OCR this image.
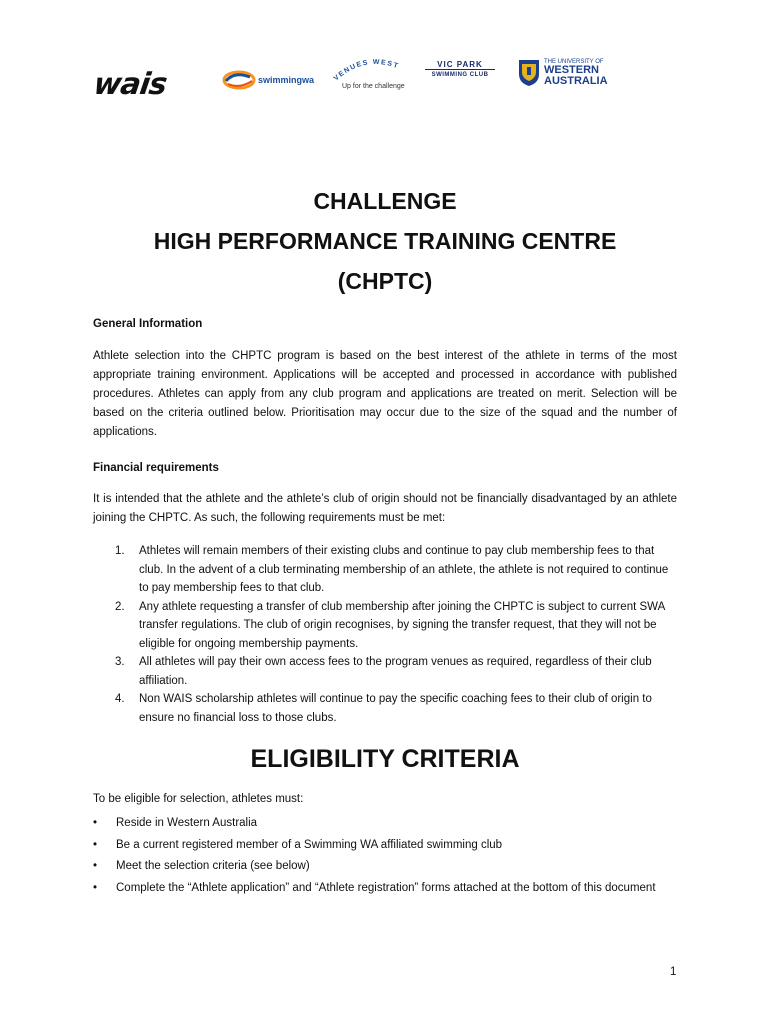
wais	swimmingwa	VENUES WEST
Up for the challenge
VIC PARK
SWIMMING CLUB
THE UNIVERSITY OF
WESTERN
AUSTRALIA
CHALLENGE
HIGH PERFORMANCE TRAINING CENTRE
(CHPTC)
General Information
Athlete selection into the CHPTC program is based on the best interest of the athlete in terms of the most appropriate training environment. Applications will be accepted and processed in accordance with published procedures. Athletes can apply from any club program and applications are treated on merit. Selection will be based on the criteria outlined below. Prioritisation may occur due to the size of the squad and the number of applications.
Financial requirements
It is intended that the athlete and the athlete’s club of origin should not be financially disadvantaged by an athlete joining the CHPTC. As such, the following requirements must be met:
1. Athletes will remain members of their existing clubs and continue to pay club membership fees to that club. In the advent of a club terminating membership of an athlete, the athlete is not required to continue to pay membership fees to that club.
2. Any athlete requesting a transfer of club membership after joining the CHPTC is subject to current SWA transfer regulations. The club of origin recognises, by signing the transfer request, that they will not be eligible for ongoing membership payments.
3. All athletes will pay their own access fees to the program venues as required, regardless of their club affiliation.
4. Non WAIS scholarship athletes will continue to pay the specific coaching fees to their club of origin to ensure no financial loss to those clubs.
ELIGIBILITY CRITERIA
To be eligible for selection, athletes must:
• Reside in Western Australia
• Be a current registered member of a Swimming WA affiliated swimming club
• Meet the selection criteria (see below)
• Complete the “Athlete application” and “Athlete registration” forms attached at the bottom of this document
1
